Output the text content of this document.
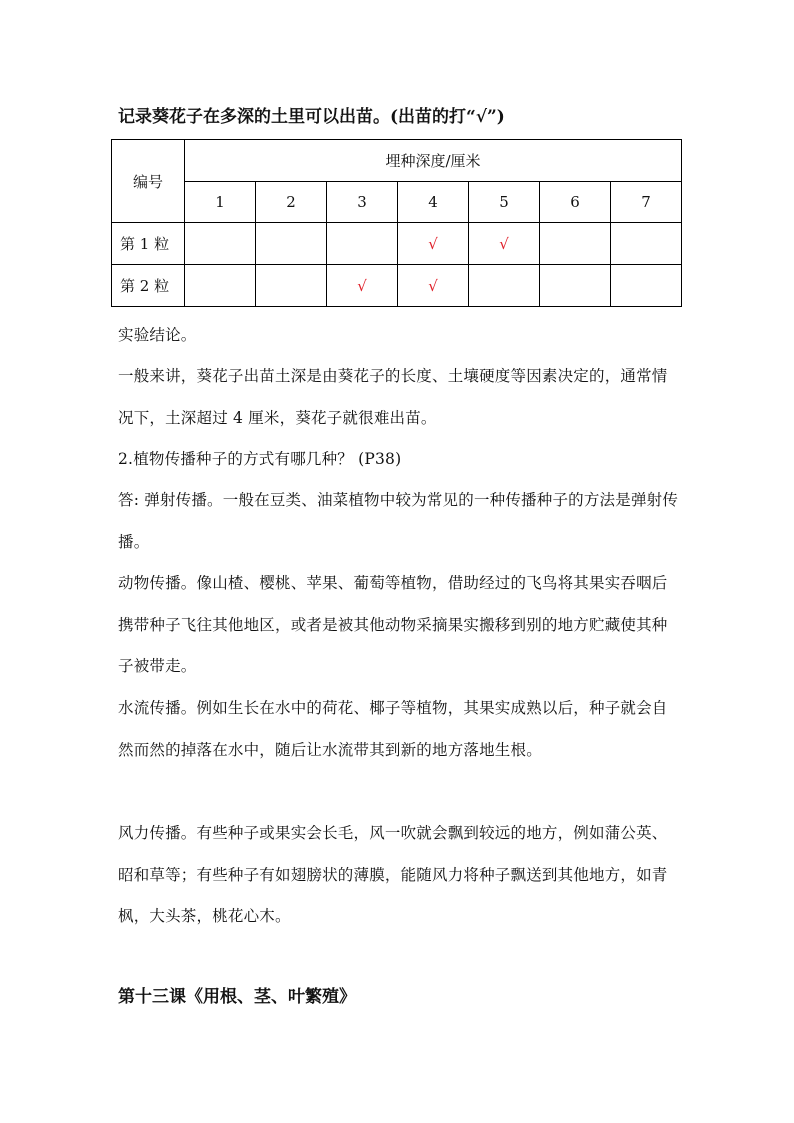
记录葵花子在多深的土里可以出苗。(出苗的打“√”)
编号	埋种深度/厘米						
	1	2	3	4	5	6	7
第 1 粒				√	√		
第 2 粒			√	√			
实验结论。
一般来讲，葵花子出苗土深是由葵花子的长度、土壤硬度等因素决定的，通常情况下，土深超过 4 厘米，葵花子就很难出苗。
2.植物传播种子的方式有哪几种？ (P38)
答: 弹射传播。一般在豆类、油菜植物中较为常见的一种传播种子的方法是弹射传播。
动物传播。像山楂、樱桃、苹果、葡萄等植物，借助经过的飞鸟将其果实吞咽后携带种子飞往其他地区，或者是被其他动物采摘果实搬移到别的地方贮藏使其种子被带走。
水流传播。例如生长在水中的荷花、椰子等植物，其果实成熟以后，种子就会自然而然的掉落在水中，随后让水流带其到新的地方落地生根。
风力传播。有些种子或果实会长毛，风一吹就会飘到较远的地方，例如蒲公英、昭和草等；有些种子有如翅膀状的薄膜，能随风力将种子飘送到其他地方，如青枫，大头茶，桃花心木。
第十三课《用根、茎、叶繁殖》
